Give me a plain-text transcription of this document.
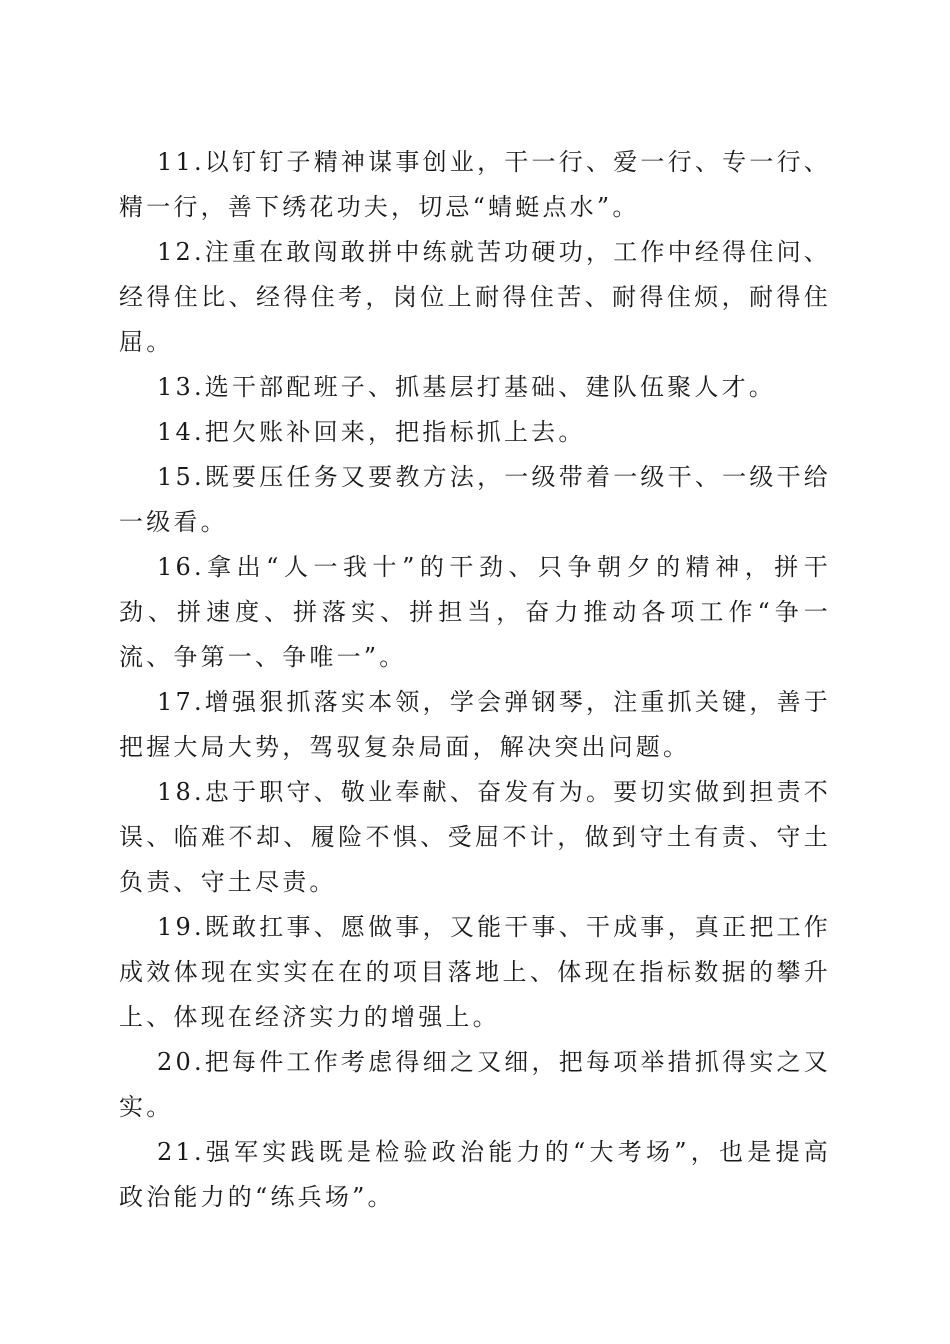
11.以钉钉子精神谋事创业，干一行、爱一行、专一行、精一行，善下绣花功夫，切忌“蜻蜓点水”。

12.注重在敢闯敢拼中练就苦功硬功，工作中经得住问、经得住比、经得住考，岗位上耐得住苦、耐得住烦，耐得住屈。

13.选干部配班子、抓基层打基础、建队伍聚人才。

14.把欠账补回来，把指标抓上去。

15.既要压任务又要教方法，一级带着一级干、一级干给一级看。

16.拿出“人一我十”的干劲、只争朝夕的精神，拼干劲、拼速度、拼落实、拼担当，奋力推动各项工作“争一流、争第一、争唯一”。

17.增强狠抓落实本领，学会弹钢琴，注重抓关键，善于把握大局大势，驾驭复杂局面，解决突出问题。

18.忠于职守、敬业奉献、奋发有为。要切实做到担责不误、临难不却、履险不惧、受屈不计，做到守土有责、守土负责、守土尽责。

19.既敢扛事、愿做事，又能干事、干成事，真正把工作成效体现在实实在在的项目落地上、体现在指标数据的攀升上、体现在经济实力的增强上。

20.把每件工作考虑得细之又细，把每项举措抓得实之又实。

21.强军实践既是检验政治能力的“大考场”，也是提高政治能力的“练兵场”。
